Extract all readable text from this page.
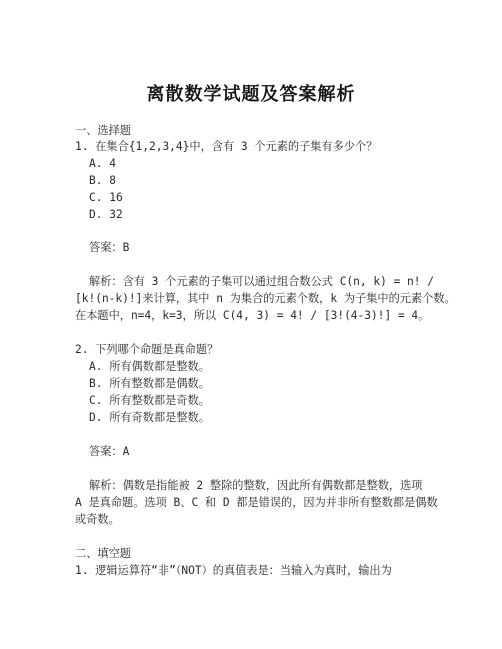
离散数学试题及答案解析
一、选择题
1. 在集合{1,2,3,4}中，含有 3 个元素的子集有多少个？
A. 4
B. 8
C. 16
D. 32
答案：B
解析：含有 3 个元素的子集可以通过组合数公式 C(n, k) = n! /
[k!(n-k)!]来计算，其中 n 为集合的元素个数，k 为子集中的元素个数。
在本题中，n=4，k=3，所以 C(4, 3) = 4! / [3!(4-3)!] = 4。
2. 下列哪个命题是真命题？
A. 所有偶数都是整数。
B. 所有整数都是偶数。
C. 所有整数都是奇数。
D. 所有奇数都是整数。
答案：A
解析：偶数是指能被 2 整除的整数，因此所有偶数都是整数，选项
A 是真命题。选项 B、C 和 D 都是错误的，因为并非所有整数都是偶数
或奇数。
二、填空题
1. 逻辑运算符“非”（NOT）的真值表是：当输入为真时，输出为
